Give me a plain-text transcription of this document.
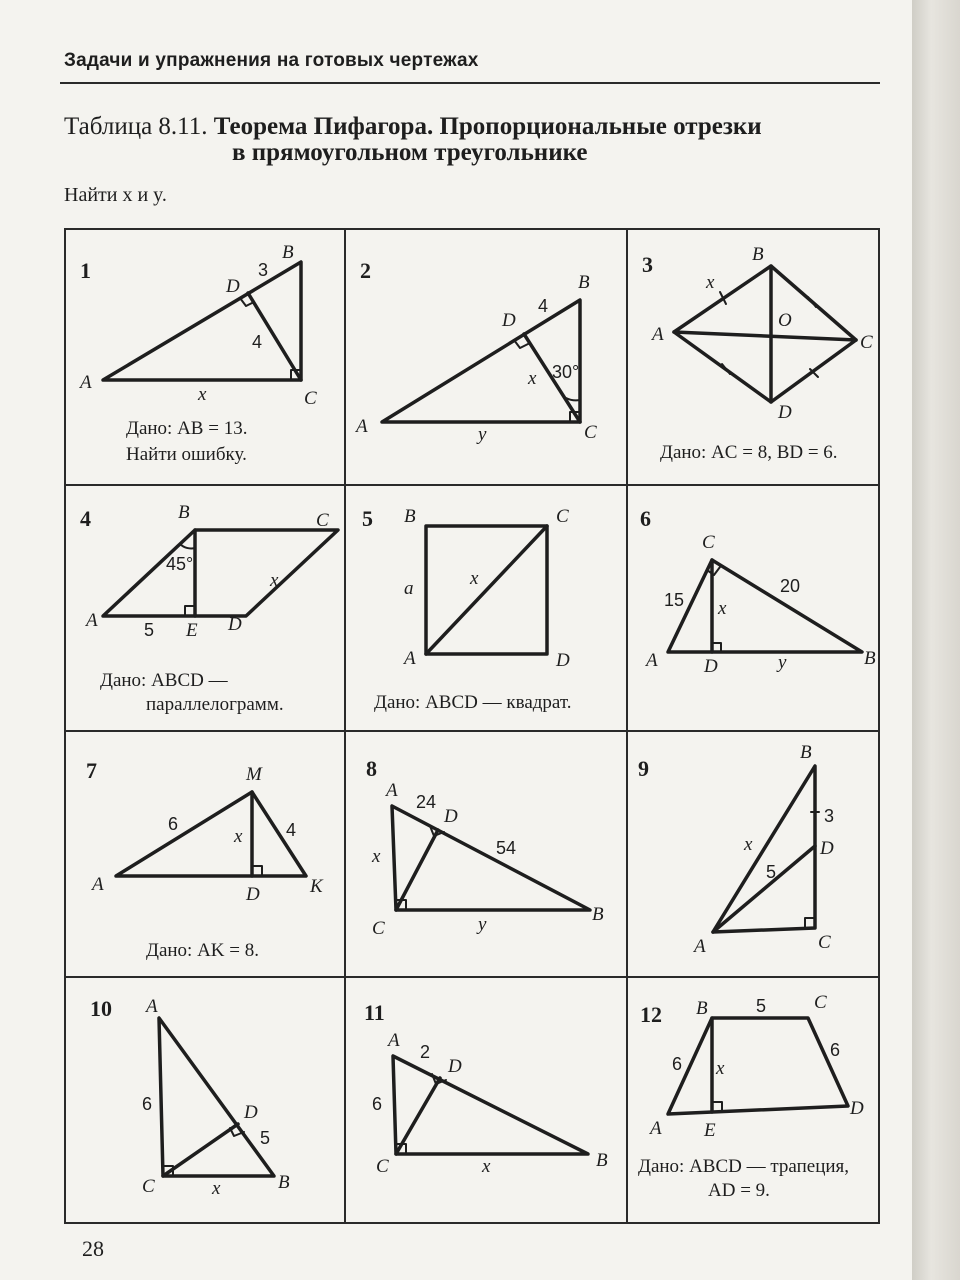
Задачи и упражнения на готовых чертежах
Таблица 8.11. Теорема Пифагора. Пропорциональные отрезки
в прямоугольном треугольнике
Найти x и y.
1	2	3
4	5	6
7	8	9
10	11	12
A
B
C
D
3
4
x
Дано: AB = 13.
Найти ошибку.
A
B
C
D
4
x 30°
y
A
B
C
D
O
x
Дано: AC = 8, BD = 6.
A
B	C
D
E
45°
5
x
Дано: ABCD —
параллелограмм.
B	C
A	D
a	x
Дано: ABCD — квадрат.
A	B
C
D
15
20
x
y
A
M
K
D
6	4
x
Дано: AK = 8.
A
B
C
D
24
54
x
y
B
D
C
A
3
5
x
A
C	B
D
6
5
x
A
D
C	B
2
6
x
B	C
D
A E
5
6
6
x
Дано: ABCD — трапеция,
AD = 9.
28
